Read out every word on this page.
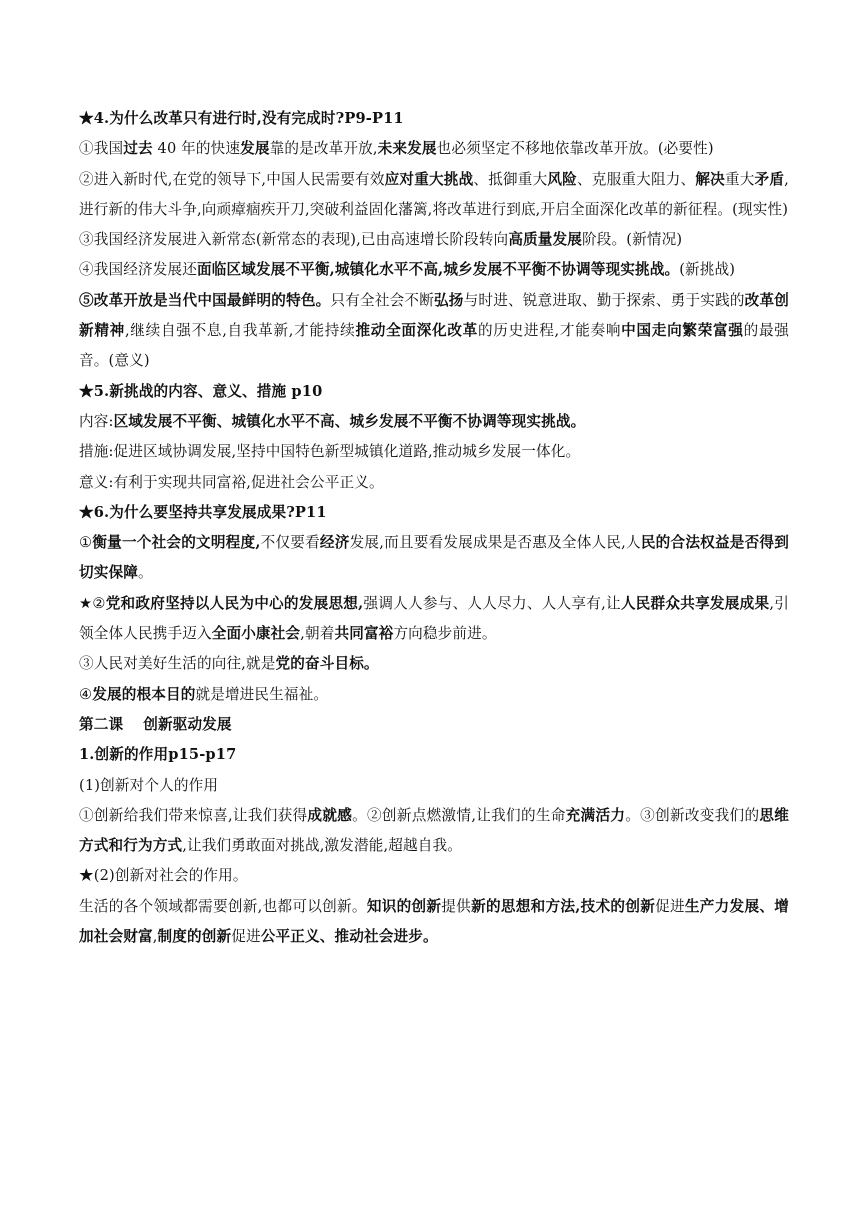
★4.为什么改革只有进行时,没有完成时?P9-P11

①我国过去 40 年的快速发展靠的是改革开放,未来发展也必须坚定不移地依靠改革开放。(必要性)

②进入新时代,在党的领导下,中国人民需要有效应对重大挑战、抵御重大风险、克服重大阻力、解决重大矛盾,进行新的伟大斗争,向顽瘴痼疾开刀,突破利益固化藩篱,将改革进行到底,开启全面深化改革的新征程。(现实性)

③我国经济发展进入新常态(新常态的表现),已由高速增长阶段转向高质量发展阶段。(新情况)

④我国经济发展还面临区域发展不平衡,城镇化水平不高,城乡发展不平衡不协调等现实挑战。(新挑战)

⑤改革开放是当代中国最鲜明的特色。只有全社会不断弘扬与时进、锐意进取、勤于探索、勇于实践的改革创新精神,继续自强不息,自我革新,才能持续推动全面深化改革的历史进程,才能奏响中国走向繁荣富强的最强音。(意义)

★5.新挑战的内容、意义、措施 p10

内容:区域发展不平衡、城镇化水平不高、城乡发展不平衡不协调等现实挑战。

措施:促进区域协调发展,坚持中国特色新型城镇化道路,推动城乡发展一体化。

意义:有利于实现共同富裕,促进社会公平正义。

★6.为什么要坚持共享发展成果?P11

①衡量一个社会的文明程度,不仅要看经济发展,而且要看发展成果是否惠及全体人民,人民的合法权益是否得到切实保障。

★②党和政府坚持以人民为中心的发展思想,强调人人参与、人人尽力、人人享有,让人民群众共享发展成果,引领全体人民携手迈入全面小康社会,朝着共同富裕方向稳步前进。

③人民对美好生活的向往,就是党的奋斗目标。

④发展的根本目的就是增进民生福祉。

第二课　 创新驱动发展

1.创新的作用p15-p17

(1)创新对个人的作用

①创新给我们带来惊喜,让我们获得成就感。②创新点燃激情,让我们的生命充满活力。③创新改变我们的思维方式和行为方式,让我们勇敢面对挑战,激发潜能,超越自我。

★(2)创新对社会的作用。

生活的各个领域都需要创新,也都可以创新。知识的创新提供新的思想和方法,技术的创新促进生产力发展、增加社会财富,制度的创新促进公平正义、推动社会进步。
